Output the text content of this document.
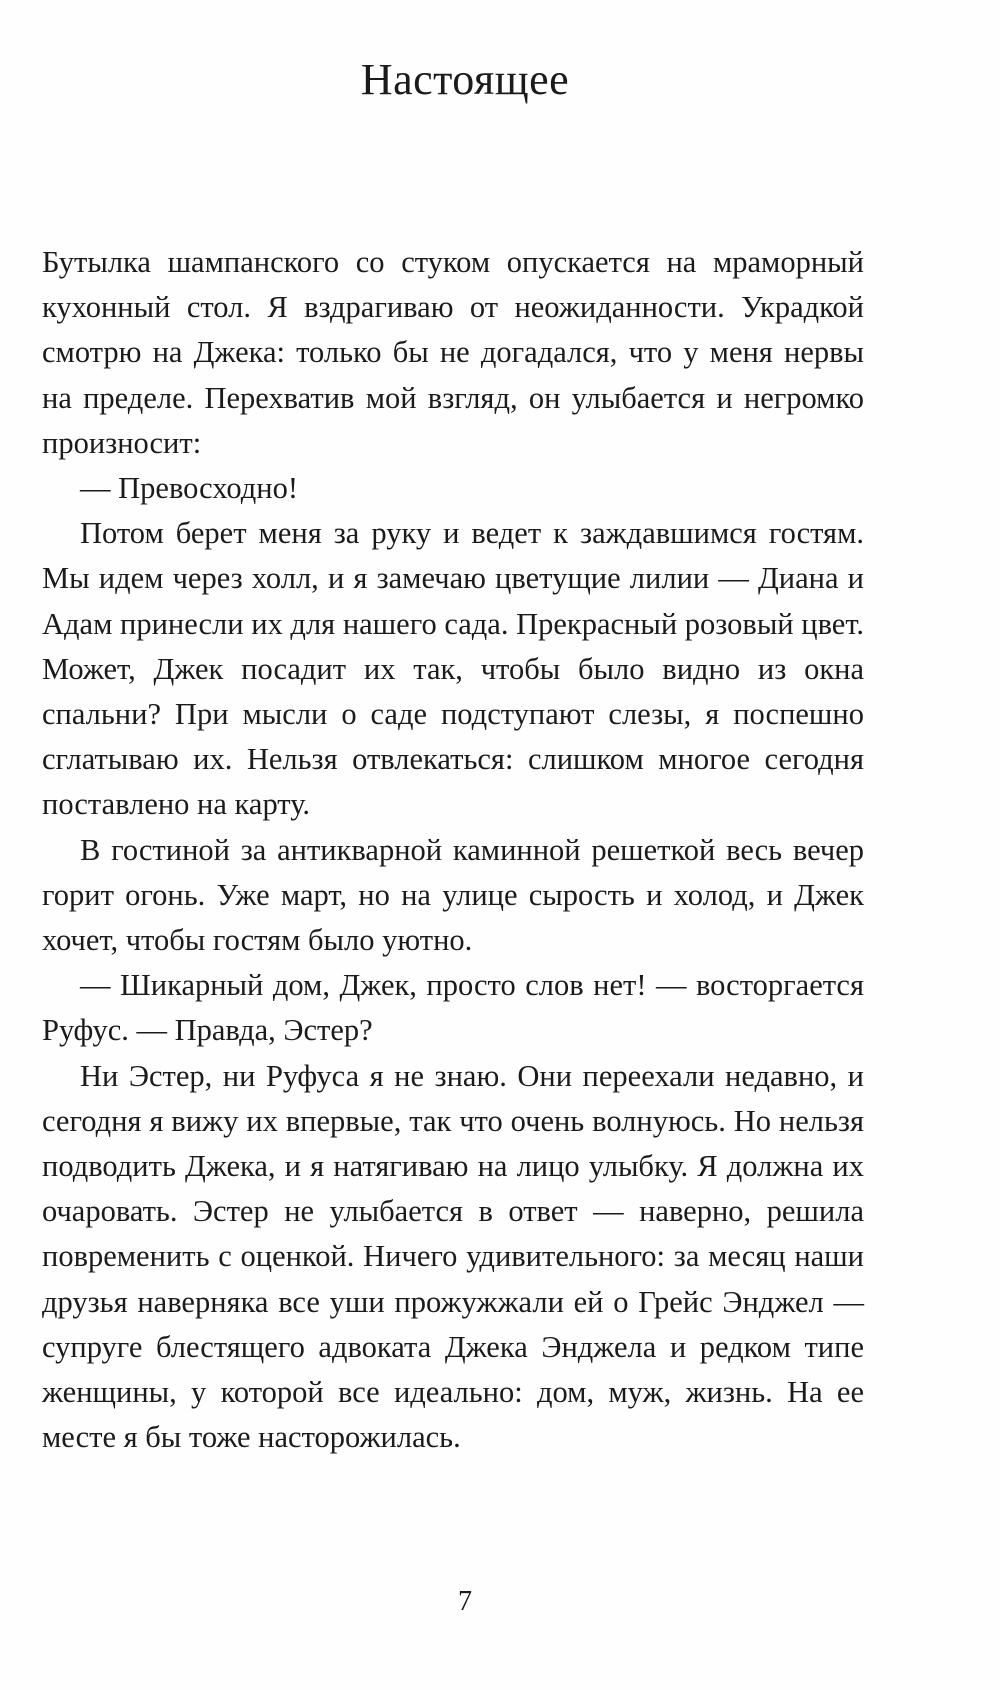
Настоящее

Бутылка шампанского со стуком опускается на мраморный кухонный стол. Я вздрагиваю от неожиданности. Украдкой смотрю на Джека: только бы не догадался, что у меня нервы на пределе. Перехватив мой взгляд, он улыбается и негромко произносит:

— Превосходно!

Потом берет меня за руку и ведет к заждавшимся гостям. Мы идем через холл, и я замечаю цветущие лилии — Диана и Адам принесли их для нашего сада. Прекрасный розовый цвет. Может, Джек посадит их так, чтобы было видно из окна спальни? При мысли о саде подступают слезы, я поспешно сглатываю их. Нельзя отвлекаться: слишком многое сегодня поставлено на карту.

В гостиной за антикварной каминной решеткой весь вечер горит огонь. Уже март, но на улице сырость и холод, и Джек хочет, чтобы гостям было уютно.

— Шикарный дом, Джек, просто слов нет! — восторгается Руфус. — Правда, Эстер?

Ни Эстер, ни Руфуса я не знаю. Они переехали недавно, и сегодня я вижу их впервые, так что очень волнуюсь. Но нельзя подводить Джека, и я натягиваю на лицо улыбку. Я должна их очаровать. Эстер не улыбается в ответ — наверно, решила повременить с оценкой. Ничего удивительного: за месяц наши друзья наверняка все уши прожужжали ей о Грейс Энджел — супруге блестящего адвоката Джека Энджела и редком типе женщины, у которой все идеально: дом, муж, жизнь. На ее месте я бы тоже насторожилась.

7
